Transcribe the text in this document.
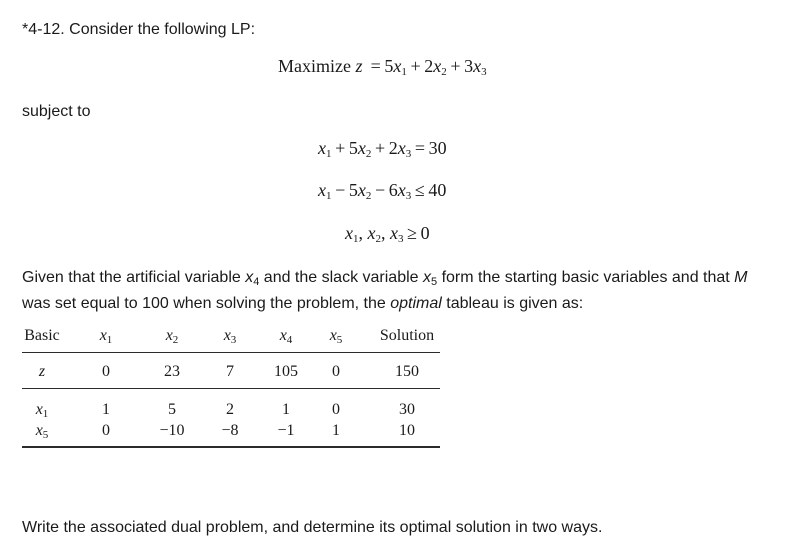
*4-12. Consider the following LP:
Maximize $z = 5x_1 + 2x_2 + 3x_3$
subject to
$x_1 + 5x_2 + 2x_3 = 30$
$x_1 - 5x_2 - 6x_3 \le 40$
$x_1$, $x_2$, $x_3 \ge 0$
Given that the artificial variable $x_4$ and the slack variable $x_5$ form the starting basic variables and that M
was set equal to 100 when solving the problem, the optimal tableau is given as:
Basic	$x_1$	$x_2$	$x_3$	$x_4$	$x_5$	Solution
z	0	23	7	105	0	150
$x_1$	1	5	2	1	0	30
$x_5$	0	−10	−8	−1	1	10
Write the associated dual problem, and determine its optimal solution in two ways.
